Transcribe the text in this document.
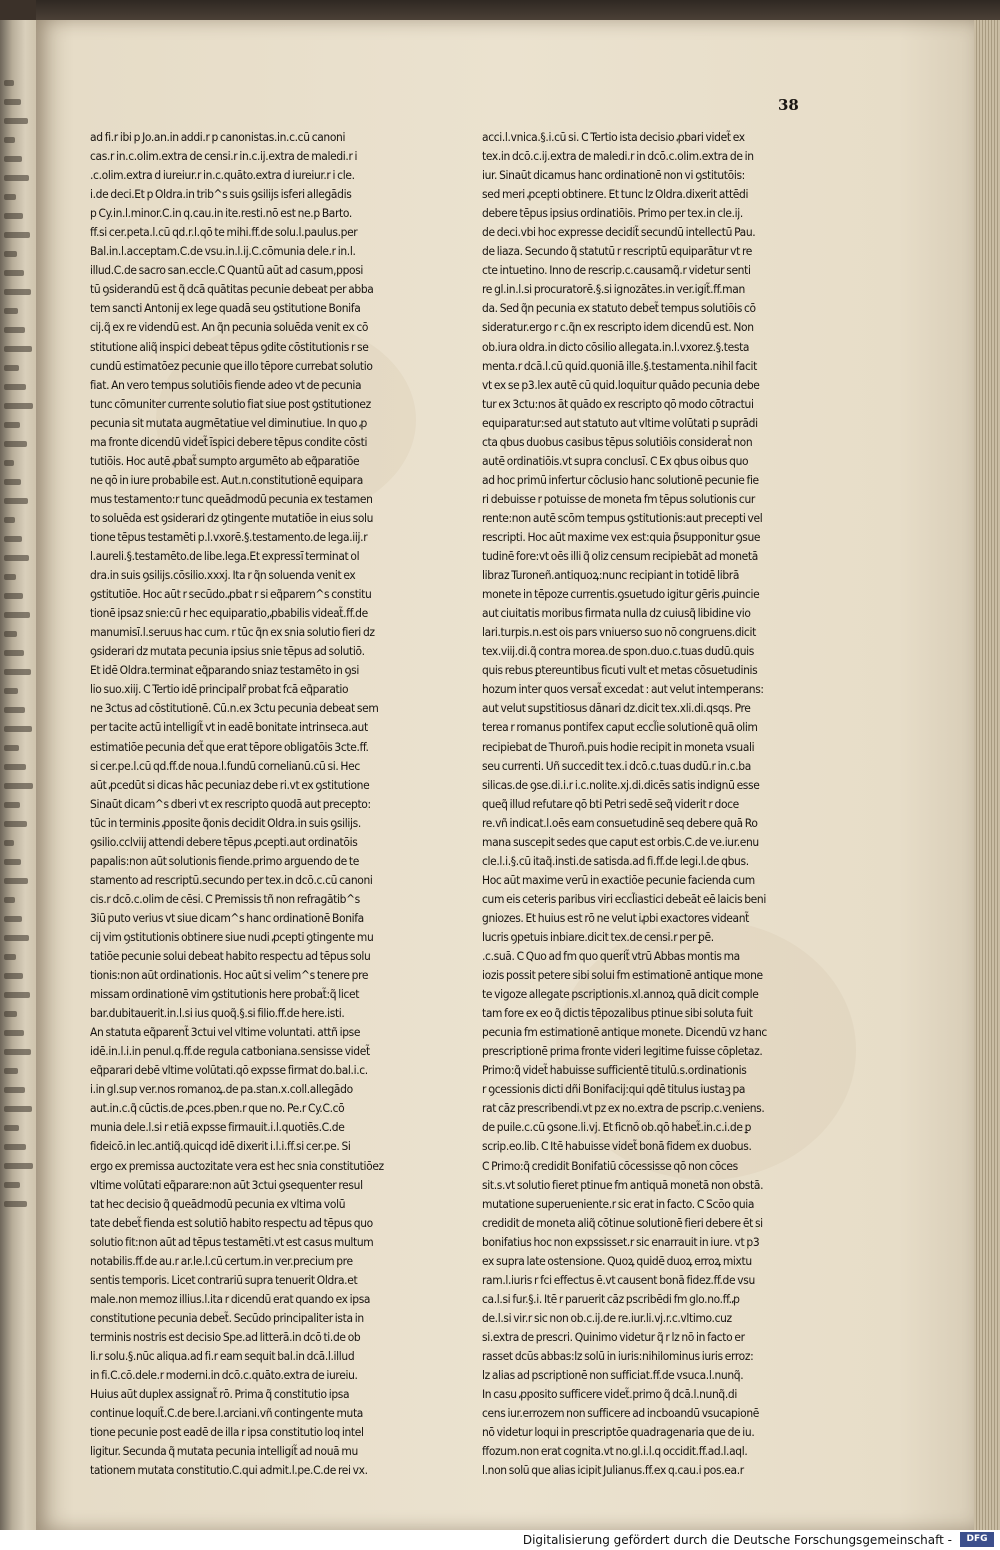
38
ad fi.r ibi p Jo.an.in addi.r p canonistas.in.c.cū canoni
cas.r in.c.olim.extra de censi.r in.c.ij.extra de maledi.r i
.c.olim.extra d iureiur.r in.c.quāto.extra d iureiur.r i cle.
i.de deci.Et p Oldra.in trib^s suis ꝯsilijs isferi allegādis
p Cy.in.l.minor.C.in q.cau.in ite.resti.nō est ne.p Barto.
ff.si cer.peta.l.cū qd.r.l.qō te mihi.ff.de solu.l.paulus.per
Bal.in.l.acceptam.C.de vsu.in.l.ij.C.cōmunia dele.r in.l.
illud.C.de sacro san.eccle.C Quantū aūt ad casum,pposi
tū ꝯsiderandū est q̃ dcā quātitas pecunie debeat per abba
tem sancti Antonij ex lege quadā seu ꝯstitutione Bonifa
cij.q̃ ex re videndū est. An q̃n pecunia soluēda venit ex cō
stitutione aliq̃ inspici debeat tēpus ꝯdite cōstitutionis r se
cundū estimatōez pecunie que illo tēpore currebat solutio
fiat. An vero tempus solutiōis fiende adeo vt de pecunia
tunc cōmuniter currente solutio fiat siue post ꝯstitutionez
pecunia sit mutata augmētatiue vel diminutiue. In quo ꝓ
ma fronte dicendū videt̃ īspici debere tēpus condite cōsti
tutiōis. Hoc autē ꝓbat̃ sumpto argumēto ab eq̃paratiōe
ne qō in iure probabile est. Aut.n.constitutionē equipara
mus testamento:r tunc queādmodū pecunia ex testamen
to soluēda est ꝯsiderari dz ꝯtingente mutatiōe in eius solu
tione tēpus testamēti p.l.vxorē.§.testamento.de lega.iij.r
l.aureli.§.testamēto.de libe.lega.Et expressī terminat ol
dra.in suis ꝯsilijs.cōsilio.xxxj. Ita r q̃n soluenda venit ex
ꝯstitutiōe. Hoc aūt r secūdo.ꝓbat r si eq̃parem^s constitu
tionē ipsaz snie:cū r hec equiparatio,ꝓbabilis videat̃.ff.de
manumisī.l.seruus hac cum. r tūc q̃n ex snia solutio fieri dz
ꝯsiderari dz mutata pecunia ipsius snie tēpus ad solutiō.
Et idē Oldra.terminat eq̃parando sniaz testamēto in ꝯsi
lio suo.xiij. C Tertio idē principalr̃ probat fcā eq̃paratio
ne 3ctus ad cōstitutionē. Cū.n.ex 3ctu pecunia debeat sem
per tacite actū intelligit̃ vt in eadē bonitate intrinseca.aut
estimatiōe pecunia det̃ que erat tēpore obligatōis 3cte.ff.
si cer.pe.l.cū qd.ff.de noua.l.fundū cornelianū.cū si. Hec
aūt ꝓcedūt si dicas hāc pecuniaz debe ri.vt ex ꝯstitutione
Sinaūt dicam^s dberi vt ex rescripto quodā aut precepto:
tūc in terminis ꝓposite q̃onis decidit Oldra.in suis ꝯsilijs.
ꝯsilio.cclviij attendi debere tēpus ꝓcepti.aut ordinatōis
papalis:non aūt solutionis fiende.primo arguendo de te
stamento ad rescriptū.secundo per tex.in dcō.c.cū canoni
cis.r dcō.c.olim de cēsi. C Premissis tñ non refragātib^s
3iū puto verius vt siue dicam^s hanc ordinationē Bonifa
cij vim ꝯstitutionis obtinere siue nudi ꝓcepti ꝯtingente mu
tatiōe pecunie solui debeat habito respectu ad tēpus solu
tionis:non aūt ordinationis. Hoc aūt si velim^s tenere pre
missam ordinationē vim ꝯstitutionis here probat̃:q̃ licet
bar.dubitauerit.in.l.si ius quoq̃.§.si filio.ff.de here.isti.
An statuta eq̃parent̃ 3ctui vel vltime voluntati. attñ ipse
idē.in.l.i.in penul.q.ff.de regula catboniana.sensisse videt̃
eq̃parari debē vltime volūtati.qō expsse firmat do.bal.i.c.
i.in gl.sup ver.nos romanoꝝ.de pa.stan.x.coll.allegādo
aut.in.c.q̃ cūctis.de ꝓces.pben.r que no. Pe.r Cy.C.cō
munia dele.l.si r etiā expsse firmauit.i.l.quotiēs.C.de
fideicō.in lec.antiq̃.quicqd idē dixerit i.l.i.ff.si cer.pe. Si
ergo ex premissa auctozitate vera est hec snia constitutiōez
vltime volūtati eq̃parare:non aūt 3ctui ꝯsequenter resul
tat hec decisio q̃ queādmodū pecunia ex vltima volū
tate debet̃ fienda est solutiō habito respectu ad tēpus quo
solutio fit:non aūt ad tēpus testamēti.vt est casus multum
notabilis.ff.de au.r ar.le.l.cū certum.in ver.precium pre
sentis temporis. Licet contrariū supra tenuerit Oldra.et
male.non memoz illius.l.ita r dicendū erat quando ex ipsa
constitutione pecunia debet̃. Secūdo principaliter ista in
terminis nostris est decisio Spe.ad litterā.in dcō ti.de ob
li.r solu.§.nūc aliqua.ad fi.r eam sequit bal.in dcā.l.illud
in fi.C.cō.dele.r moderni.in dcō.c.quāto.extra de iureiu.
Huius aūt duplex assignat̃ rō. Prima q̃ constitutio ipsa
continue loquit̃.C.de bere.l.arciani.vñ contingente muta
tione pecunie post eadē de illa r ipsa constitutio loq intel
ligitur. Secunda q̃ mutata pecunia intelligit̃ ad nouā mu
tationem mutata constitutio.C.qui admit.l.pe.C.de rei vx.
acci.l.vnica.§.i.cū si. C Tertio ista decisio ꝓbari videt̃ ex
tex.in dcō.c.ij.extra de maledi.r in dcō.c.olim.extra de in
iur. Sinaūt dicamus hanc ordinationē non vi ꝯstitutōis:
sed meri ꝓcepti obtinere. Et tunc lz Oldra.dixerit attēdi
debere tēpus ipsius ordinatiōis. Primo per tex.in cle.ij.
de deci.vbi hoc expresse decidit̃ secundū intellectū Pau.
de liaza. Secundo q̃ statutū r rescriptū equiparātur vt re
cte intuetino. Inno de rescrip.c.causamq̃.r videtur senti
re gl.in.l.si procuratorē.§.si ignozātes.in ver.igit̃.ff.man
da. Sed q̃n pecunia ex statuto debet̃ tempus solutiōis cō
sideratur.ergo r c.q̃n ex rescripto idem dicendū est. Non
ob.iura oldra.in dicto cōsilio allegata.in.l.vxorez.§.testa
menta.r dcā.l.cū quid.quoniā ille.§.testamenta.nihil facit
vt ex se p3.lex autē cū quid.loquitur quādo pecunia debe
tur ex 3ctu:nos āt quādo ex rescripto qō modo cōtractui
equiparatur:sed aut statuto aut vltime volūtati p suprādi
cta qbus duobus casibus tēpus solutiōis consideraṫ non
autē ordinatiōis.vt supra conclusī. C Ex qbus oibus quo
ad hoc primū infertur cōclusio hanc solutionē pecunie fie
ri debuisse r potuisse de moneta fm tēpus solutionis cur
rente:non autē scōm tempus ꝯstitutionis:aut precepti vel
rescripti. Hoc aūt maxime vex est:quia p̃supponitur ꝯsue
tudinē fore:vt oēs illi q̃ oliz censum recipiebāt ad monetā
libraz Turoneñ.antiquoꝝ:nunc recipiant in totidē librā
monete in tēpoze currentis.ꝯsuetudo igitur gēris ꝓuincie
aut ciuitatis moribus firmata nulla dz cuiusq̃ libidine vio
lari.turpis.n.est ois pars vniuerso suo nō congruens.dicit
tex.viij.di.q̃ contra morea.de spon.duo.c.tuas dudū.quis
quis rebus ꝑtereuntibus ficuti vult et metas cōsuetudinis
hozum inter quos versat̃ excedat : aut velut intemperans:
aut velut suꝑstitiosus dānari dz.dicit tex.xli.di.qsqs. Pre
terea r romanus pontifex caput eccl̃ie solutionē quā olim
recipiebat de Thuroñ.puis hodie recipit in moneta vsuali
seu currenti. Uñ succedit tex.i dcō.c.tuas dudū.r in.c.ba
silicas.de ꝯse.di.i.r i.c.nolite.xj.di.dicēs satis indignū esse
queq̃ illud refutare qō bti Petri sedē seq̃ viderit r doce
re.vñ indicat.l.oēs eam consuetudinē seq debere quā Ro
mana suscepit sedes que caput est orbis.C.de ve.iur.enu
cle.l.i.§.cū itaq̃.insti.de satisda.ad fi.ff.de legi.l.de qbus.
Hoc aūt maxime verū in exactiōe pecunie facienda cum
cum eis ceteris paribus viri eccl̃iastici debeāt eē laicis beni
gniozes. Et huius est rō ne velut iꝓbi exactores videant̃
lucris ꝯpetuis inbiare.dicit tex.de censi.r per ꝑē.
.c.suā. C Quo ad fm quo querit̃ vtrū Abbas montis ma
iozis possit petere sibi solui fm estimationē antique mone
te vigoze allegate pscriptionis.xl.annoꝝ quā dicit comple
tam fore ex eo q̃ dictis tēpozalibus ptinue sibi soluta fuit
pecunia fm estimationē antique monete. Dicendū vz hanc
prescriptionē prima fronte videri legitime fuisse cōpletaz.
Primo:q̃ videt̃ habuisse sufficientē titulū.s.ordinationis
r ꝯcessionis dicti dñi Bonifacij:qui qdē titulus iustaꝫ pa
rat cāz prescribendi.vt pz ex no.extra de pscrip.c.veniens.
de puile.c.cū ꝯsone.li.vj. Et ficnō ob.qō habet̃.in.c.i.de ꝑ
scrip.eo.lib. C Itē habuisse videt̃ bonā fidem ex duobus.
C Primo:q̃ credidit Bonifatiū cōcessisse qō non cōces
sit.s.vt solutio fieret ptinue fm antiquā monetā non obstā.
mutatione superueniente.r sic erat in facto. C Scōo quia
credidit de moneta aliq̃ cōtinue solutionē fieri debere ēt si
bonifatius hoc non expssisset.r sic enarrauit in iure. vt p3
ex supra late ostensione. Quoꝝ quidē duoꝝ erroꝝ mixtu
ram.l.iuris r fci effectus ē.vt causent bonā fidez.ff.de vsu
ca.l.si fur.§.i. Itē r paruerit cāz pscribēdi fm glo.no.ff.ꝓ
de.l.si vir.r sic non ob.c.ij.de re.iur.li.vj.r.c.vltimo.cuz
si.extra de prescri. Quinimo videtur q̃ r lz nō in facto er
rasset dcūs abbas:lz solū in iuris:nihilominus iuris erroz:
lz alias ad pscriptionē non sufficiat.ff.de vsuca.l.nunq̃.
In casu ꝓposito sufficere videt̃.primo q̃ dcā.l.nunq̃.di
cens iur.errozem non sufficere ad incboandū vsucapionē
nō videtur loqui in prescriptōe quadragenaria que de iu.
ffozum.non erat cognita.vt no.gl.i.l.q occidit.ff.ad.l.aql.
l.non solū que alias icipit Julianus.ff.ex q.cau.i pos.ea.r
Digitalisierung gefördert durch die Deutsche Forschungsgemeinschaft -	DFG
